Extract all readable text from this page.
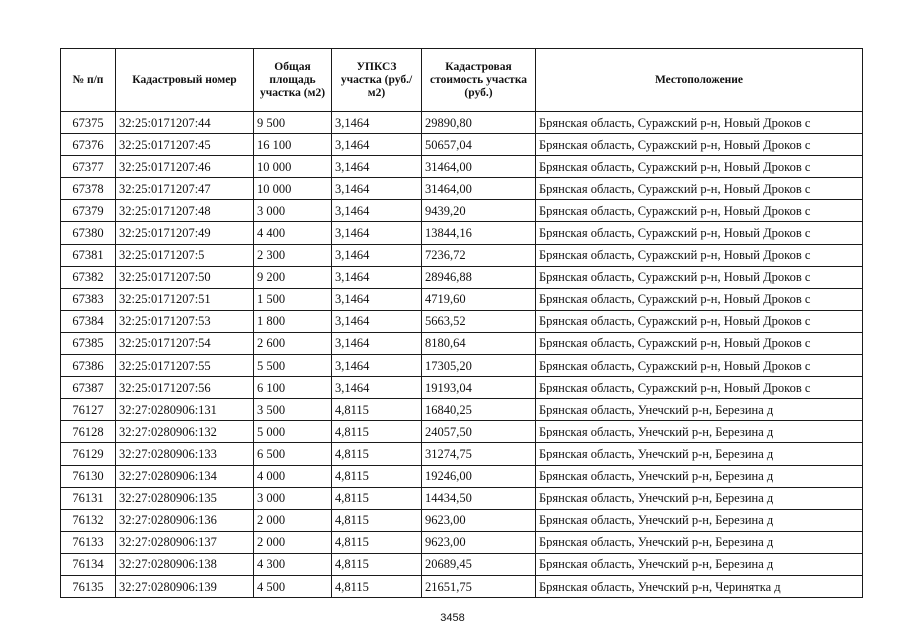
№ п/п	Кадастровый номер	Общая площадь участка (м2)	УПКСЗ участка (руб./м2)	Кадастровая стоимость участка (руб.)	Местоположение
67375	32:25:0171207:44	9 500	3,1464	29890,80	Брянская область, Суражский р-н, Новый Дроков с
67376	32:25:0171207:45	16 100	3,1464	50657,04	Брянская область, Суражский р-н, Новый Дроков с
67377	32:25:0171207:46	10 000	3,1464	31464,00	Брянская область, Суражский р-н, Новый Дроков с
67378	32:25:0171207:47	10 000	3,1464	31464,00	Брянская область, Суражский р-н, Новый Дроков с
67379	32:25:0171207:48	3 000	3,1464	9439,20	Брянская область, Суражский р-н, Новый Дроков с
67380	32:25:0171207:49	4 400	3,1464	13844,16	Брянская область, Суражский р-н, Новый Дроков с
67381	32:25:0171207:5	2 300	3,1464	7236,72	Брянская область, Суражский р-н, Новый Дроков с
67382	32:25:0171207:50	9 200	3,1464	28946,88	Брянская область, Суражский р-н, Новый Дроков с
67383	32:25:0171207:51	1 500	3,1464	4719,60	Брянская область, Суражский р-н, Новый Дроков с
67384	32:25:0171207:53	1 800	3,1464	5663,52	Брянская область, Суражский р-н, Новый Дроков с
67385	32:25:0171207:54	2 600	3,1464	8180,64	Брянская область, Суражский р-н, Новый Дроков с
67386	32:25:0171207:55	5 500	3,1464	17305,20	Брянская область, Суражский р-н, Новый Дроков с
67387	32:25:0171207:56	6 100	3,1464	19193,04	Брянская область, Суражский р-н, Новый Дроков с
76127	32:27:0280906:131	3 500	4,8115	16840,25	Брянская область, Унечский р-н, Березина д
76128	32:27:0280906:132	5 000	4,8115	24057,50	Брянская область, Унечский р-н, Березина д
76129	32:27:0280906:133	6 500	4,8115	31274,75	Брянская область, Унечский р-н, Березина д
76130	32:27:0280906:134	4 000	4,8115	19246,00	Брянская область, Унечский р-н, Березина д
76131	32:27:0280906:135	3 000	4,8115	14434,50	Брянская область, Унечский р-н, Березина д
76132	32:27:0280906:136	2 000	4,8115	9623,00	Брянская область, Унечский р-н, Березина д
76133	32:27:0280906:137	2 000	4,8115	9623,00	Брянская область, Унечский р-н, Березина д
76134	32:27:0280906:138	4 300	4,8115	20689,45	Брянская область, Унечский р-н, Березина д
76135	32:27:0280906:139	4 500	4,8115	21651,75	Брянская область, Унечский р-н, Черинятка д
3458
